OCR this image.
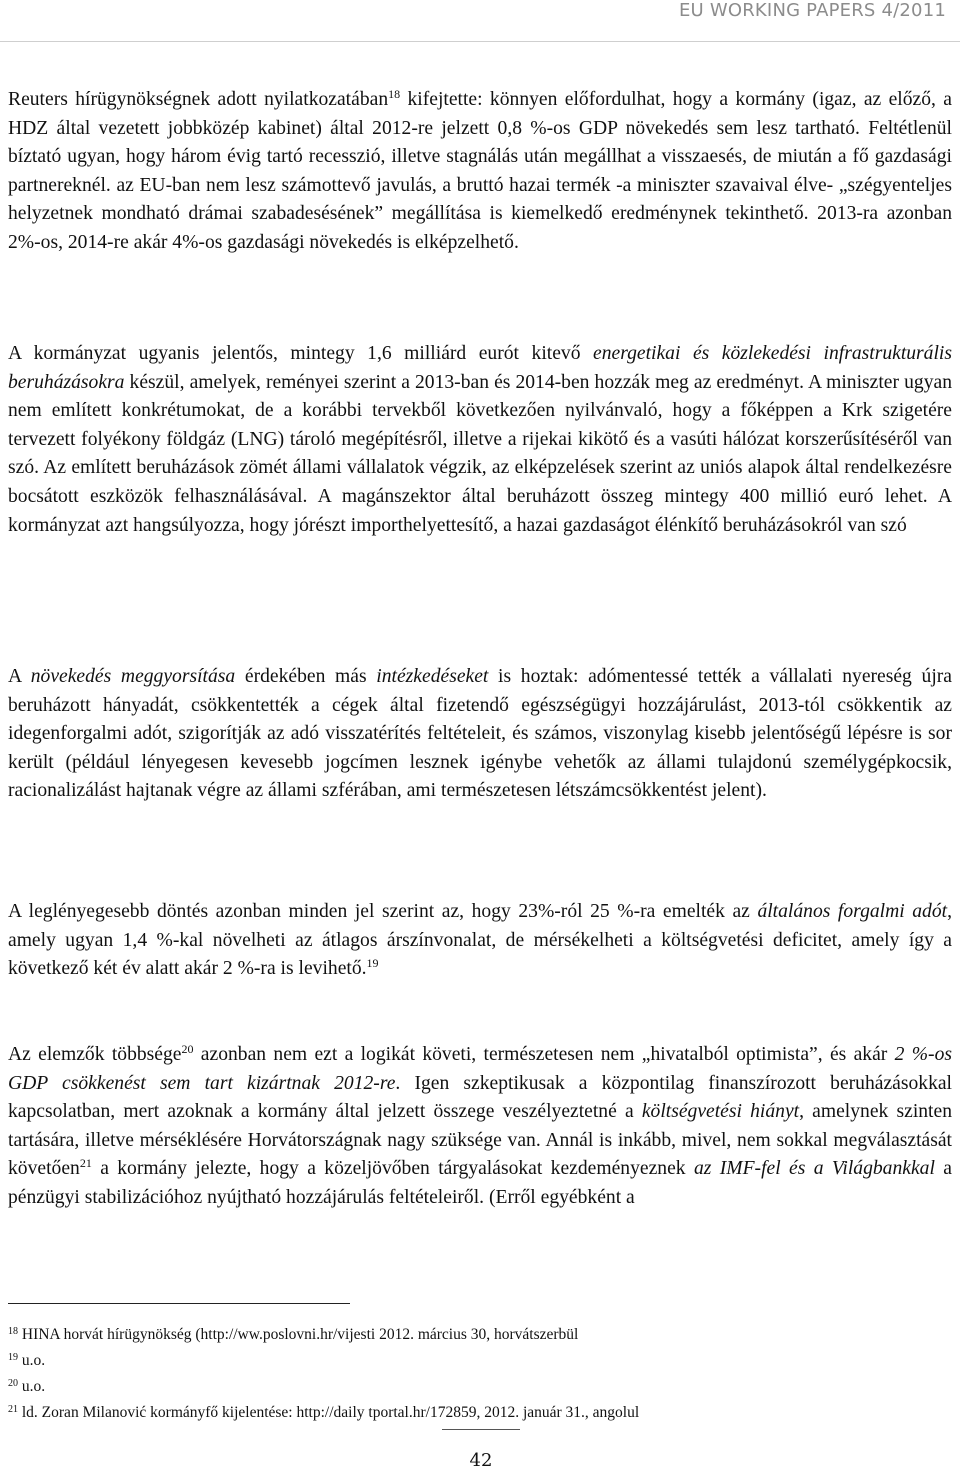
EU WORKING PAPERS 4/2011

Reuters hírügynökségnek adott nyilatkozatában$^{18}$ kifejtette: könnyen előfordulhat, hogy a kormány (igaz, az előző, a HDZ által vezetett jobbközép kabinet) által 2012-re jelzett 0,8 %-os GDP növekedés sem lesz tartható. Feltétlenül bíztató ugyan, hogy három évig tartó recesszió, illetve stagnálás után megállhat a visszaesés, de miután a fő gazdasági partnereknél. az EU-ban nem lesz számottevő javulás, a bruttó hazai termék -a miniszter szavaival élve- „szégyenteljes helyzetnek mondható drámai szabadesésének” megállítása is kiemelkedő eredménynek tekinthető. 2013-ra azonban 2%-os, 2014-re akár 4%-os gazdasági növekedés is elképzelhető.

A kormányzat ugyanis jelentős, mintegy 1,6 milliárd eurót kitevő energetikai és közlekedési infrastrukturális beruházásokra készül, amelyek, reményei szerint a 2013-ban és 2014-ben hozzák meg az eredményt. A miniszter ugyan nem említett konkrétumokat, de a korábbi tervekből következően nyilvánvaló, hogy a főképpen a Krk szigetére tervezett folyékony földgáz (LNG) tároló megépítésről, illetve a rijekai kikötő és a vasúti hálózat korszerűsítéséről van szó. Az említett beruházások zömét állami vállalatok végzik, az elképzelések szerint az uniós alapok által rendelkezésre bocsátott eszközök felhasználásával. A magánszektor által beruházott összeg mintegy 400 millió euró lehet. A kormányzat azt hangsúlyozza, hogy jórészt importhelyettesítő, a hazai gazdaságot élénkítő beruházásokról van szó

A növekedés meggyorsítása érdekében más intézkedéseket is hoztak: adómentessé tették a vállalati nyereség újra beruházott hányadát, csökkentették a cégek által fizetendő egészségügyi hozzájárulást, 2013-tól csökkentik az idegenforgalmi adót, szigorítják az adó visszatérítés feltételeit, és számos, viszonylag kisebb jelentőségű lépésre is sor került (például lényegesen kevesebb jogcímen lesznek igénybe vehetők az állami tulajdonú személygépkocsik, racionalizálást hajtanak végre az állami szférában, ami természetesen létszámcsökkentést jelent).

A leglényegesebb döntés azonban minden jel szerint az, hogy 23%-ról 25 %-ra emelték az általános forgalmi adót, amely ugyan 1,4 %-kal növelheti az átlagos árszínvonalat, de mérsékelheti a költségvetési deficitet, amely így a következő két év alatt akár 2 %-ra is levihető.$^{19}$

Az elemzők többsége$^{20}$ azonban nem ezt a logikát követi, természetesen nem „hivatalból optimista”, és akár 2 %-os GDP csökkenést sem tart kizártnak 2012-re. Igen szkeptikusak a központilag finanszírozott beruházásokkal kapcsolatban, mert azoknak a kormány által jelzett összege veszélyeztetné a költségvetési hiányt, amelynek szinten tartására, illetve mérséklésére Horvátországnak nagy szüksége van. Annál is inkább, mivel, nem sokkal megválasztását követően$^{21}$ a kormány jelezte, hogy a közeljövőben tárgyalásokat kezdeményeznek az IMF-fel és a Világbankkal a pénzügyi stabilizációhoz nyújtható hozzájárulás feltételeiről. (Erről egyébként a

$^{18}$ HINA horvát hírügynökség (http://ww.poslovni.hr/vijesti 2012. március 30, horvátszerbül

$^{19}$ u.o.

$^{20}$ u.o.

$^{21}$ ld. Zoran Milanović kormányfő kijelentése: http://daily tportal.hr/172859, 2012. január 31., angolul

42
